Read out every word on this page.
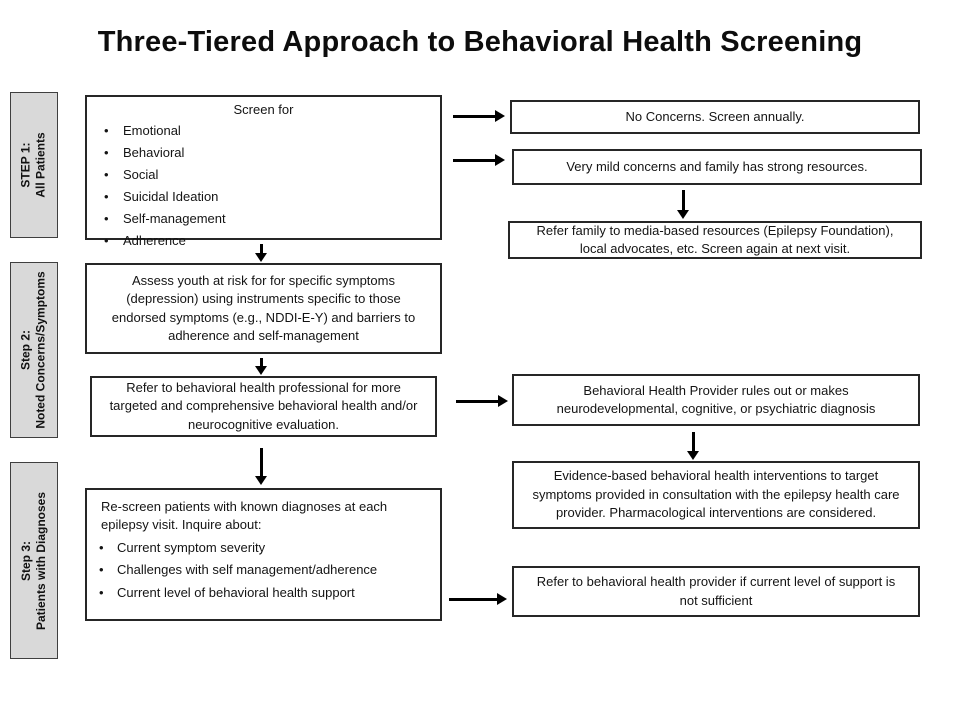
Three-Tiered Approach to Behavioral Health Screening
STEP 1: All Patients
Step 2: Noted Concerns/Symptoms
Step 3: Patients with Diagnoses
Screen for
• Emotional
• Behavioral
• Social
• Suicidal Ideation
• Self-management
• Adherence
Assess youth at risk for for specific symptoms (depression) using instruments specific to those endorsed symptoms (e.g., NDDI-E-Y) and barriers to adherence and self-management
Refer to behavioral health professional for more targeted and comprehensive behavioral health and/or neurocognitive evaluation.
Re-screen patients with known diagnoses at each epilepsy visit. Inquire about:
• Current symptom severity
• Challenges with self management/adherence
• Current level of behavioral health support
No Concerns. Screen annually.
Very mild concerns and family has strong resources.
Refer family to media-based resources (Epilepsy Foundation), local advocates, etc. Screen again at next visit.
Behavioral Health Provider rules out or makes neurodevelopmental, cognitive, or psychiatric diagnosis
Evidence-based behavioral health interventions to target symptoms provided in consultation with the epilepsy health care provider. Pharmacological interventions are considered.
Refer to behavioral health provider if current level of support is not sufficient
